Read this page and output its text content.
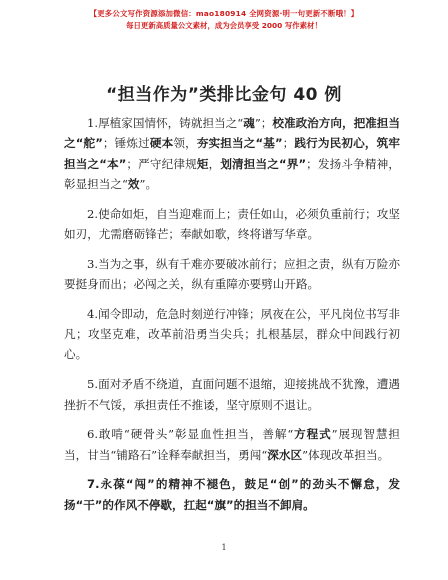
【更多公文写作资源添加微信：mao180914 全网资源·明一句更新不断哦！】
每日更新高质量公文素材，成为会员享受 2000 写作素材！
“担当作为”类排比金句 40 例

1.厚植家国情怀，铸就担当之“魂”；校准政治方向，把准担当之“舵”；锤炼过硬本领，夯实担当之“基”；践行为民初心，筑牢担当之“本”；严守纪律规矩，划清担当之“界”；发扬斗争精神，彰显担当之“效”。

2.使命如炬，自当迎难而上；责任如山，必须负重前行；攻坚如刃，尤需磨砺锋芒；奉献如歌，终将谱写华章。

3.当为之事，纵有千难亦要破冰前行；应担之责，纵有万险亦要挺身而出；必闯之关，纵有重障亦要劈山开路。

4.闻令即动，危急时刻逆行冲锋；夙夜在公，平凡岗位书写非凡；攻坚克难，改革前沿勇当尖兵；扎根基层，群众中间践行初心。

5.面对矛盾不绕道，直面问题不退缩，迎接挑战不犹豫，遭遇挫折不气馁，承担责任不推诿，坚守原则不退让。

6.敢啃“硬骨头”彰显血性担当，善解“方程式”展现智慧担当，甘当“铺路石”诠释奉献担当，勇闯“深水区”体现改革担当。

7.永葆“闯”的精神不褪色，鼓足“创”的劲头不懈怠，发扬“干”的作风不停歇，扛起“旗”的担当不卸肩。

1
